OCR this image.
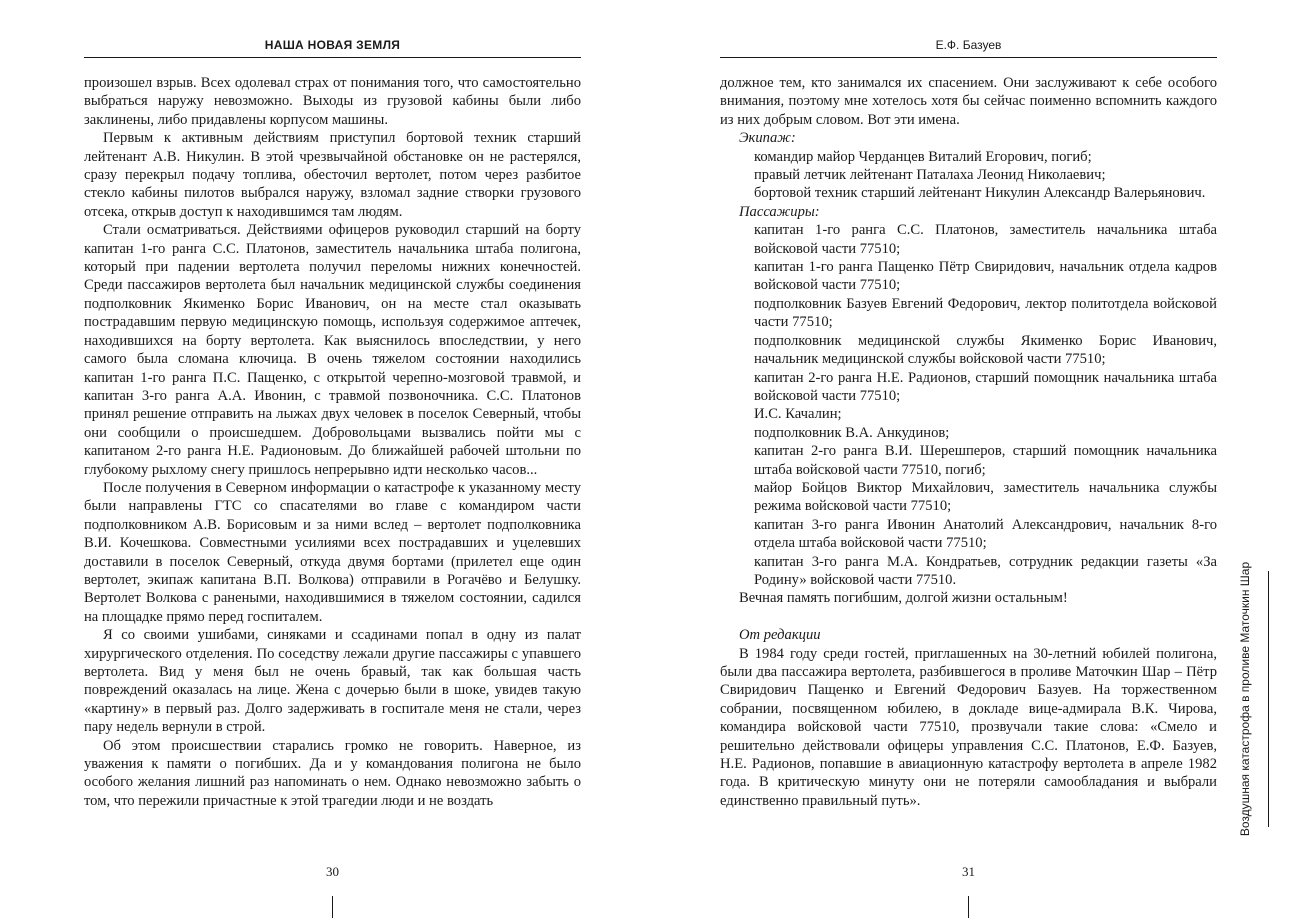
НАША НОВАЯ ЗЕМЛЯ

произошел взрыв. Всех одолевал страх от понимания того, что самостоятельно выбраться наружу невозможно. Выходы из грузовой кабины были либо заклинены, либо придавлены корпусом машины.

Первым к активным действиям приступил бортовой техник старший лейтенант А.В. Никулин. В этой чрезвычайной обстановке он не растерялся, сразу перекрыл подачу топлива, обесточил вертолет, потом через разбитое стекло кабины пилотов выбрался наружу, взломал задние створки грузового отсека, открыв доступ к находившимся там людям.

Стали осматриваться. Действиями офицеров руководил старший на борту капитан 1-го ранга С.С. Платонов, заместитель начальника штаба полигона, который при падении вертолета получил переломы нижних конечностей. Среди пассажиров вертолета был начальник медицинской службы соединения подполковник Якименко Борис Иванович, он на месте стал оказывать пострадавшим первую медицинскую помощь, используя содержимое аптечек, находившихся на борту вертолета. Как выяснилось впоследствии, у него самого была сломана ключица. В очень тяжелом состоянии находились капитан 1-го ранга П.С. Пащенко, с открытой черепно-мозговой травмой, и капитан 3-го ранга А.А. Ивонин, с травмой позвоночника. С.С. Платонов принял решение отправить на лыжах двух человек в поселок Северный, чтобы они сообщили о происшедшем. Добровольцами вызвались пойти мы с капитаном 2-го ранга Н.Е. Радионовым. До ближайшей рабочей штольни по глубокому рыхлому снегу пришлось непрерывно идти несколько часов...

После получения в Северном информации о катастрофе к указанному месту были направлены ГТС со спасателями во главе с командиром части подполковником А.В. Борисовым и за ними вслед – вертолет подполковника В.И. Кочешкова. Совместными усилиями всех пострадавших и уцелевших доставили в поселок Северный, откуда двумя бортами (прилетел еще один вертолет, экипаж капитана В.П. Волкова) отправили в Рогачёво и Белушку. Вертолет Волкова с ранеными, находившимися в тяжелом состоянии, садился на площадке прямо перед госпиталем.

Я со своими ушибами, синяками и ссадинами попал в одну из палат хирургического отделения. По соседству лежали другие пассажиры с упавшего вертолета. Вид у меня был не очень бравый, так как большая часть повреждений оказалась на лице. Жена с дочерью были в шоке, увидев такую «картину» в первый раз. Долго задерживать в госпитале меня не стали, через пару недель вернули в строй.

Об этом происшествии старались громко не говорить. Наверное, из уважения к памяти о погибших. Да и у командования полигона не было особого желания лишний раз напоминать о нем. Однако невозможно забыть о том, что пережили причастные к этой трагедии люди и не воздать

30
Е.Ф. Базуев

должное тем, кто занимался их спасением. Они заслуживают к себе особого внимания, поэтому мне хотелось хотя бы сейчас поименно вспомнить каждого из них добрым словом. Вот эти имена.

Экипаж:

командир майор Черданцев Виталий Егорович, погиб;

правый летчик лейтенант Паталаха Леонид Николаевич;

бортовой техник старший лейтенант Никулин Александр Валерьянович.

Пассажиры:

капитан 1-го ранга С.С. Платонов, заместитель начальника штаба войсковой части 77510;

капитан 1-го ранга Пащенко Пётр Свиридович, начальник отдела кадров войсковой части 77510;

подполковник Базуев Евгений Федорович, лектор политотдела войсковой части 77510;

подполковник медицинской службы Якименко Борис Иванович, начальник медицинской службы войсковой части 77510;

капитан 2-го ранга Н.Е. Радионов, старший помощник начальника штаба войсковой части 77510;

И.С. Качалин;

подполковник В.А. Анкудинов;

капитан 2-го ранга В.И. Шерешперов, старший помощник начальника штаба войсковой части 77510, погиб;

майор Бойцов Виктор Михайлович, заместитель начальника службы режима войсковой части 77510;

капитан 3-го ранга Ивонин Анатолий Александрович, начальник 8-го отдела штаба войсковой части 77510;

капитан 3-го ранга М.А. Кондратьев, сотрудник редакции газеты «За Родину» войсковой части 77510.

Вечная память погибшим, долгой жизни остальным!

От редакции

В 1984 году среди гостей, приглашенных на 30-летний юбилей полигона, были два пассажира вертолета, разбившегося в проливе Маточкин Шар – Пётр Свиридович Пащенко и Евгений Федорович Базуев. На торжественном собрании, посвященном юбилею, в докладе вице-адмирала В.К. Чирова, командира войсковой части 77510, прозвучали такие слова: «Смело и решительно действовали офицеры управления С.С. Платонов, Е.Ф. Базуев, Н.Е. Радионов, попавшие в авиационную катастрофу вертолета в апреле 1982 года. В критическую минуту они не потеряли самообладания и выбрали единственно правильный путь».

31
Воздушная катастрофа в проливе Маточкин Шар
